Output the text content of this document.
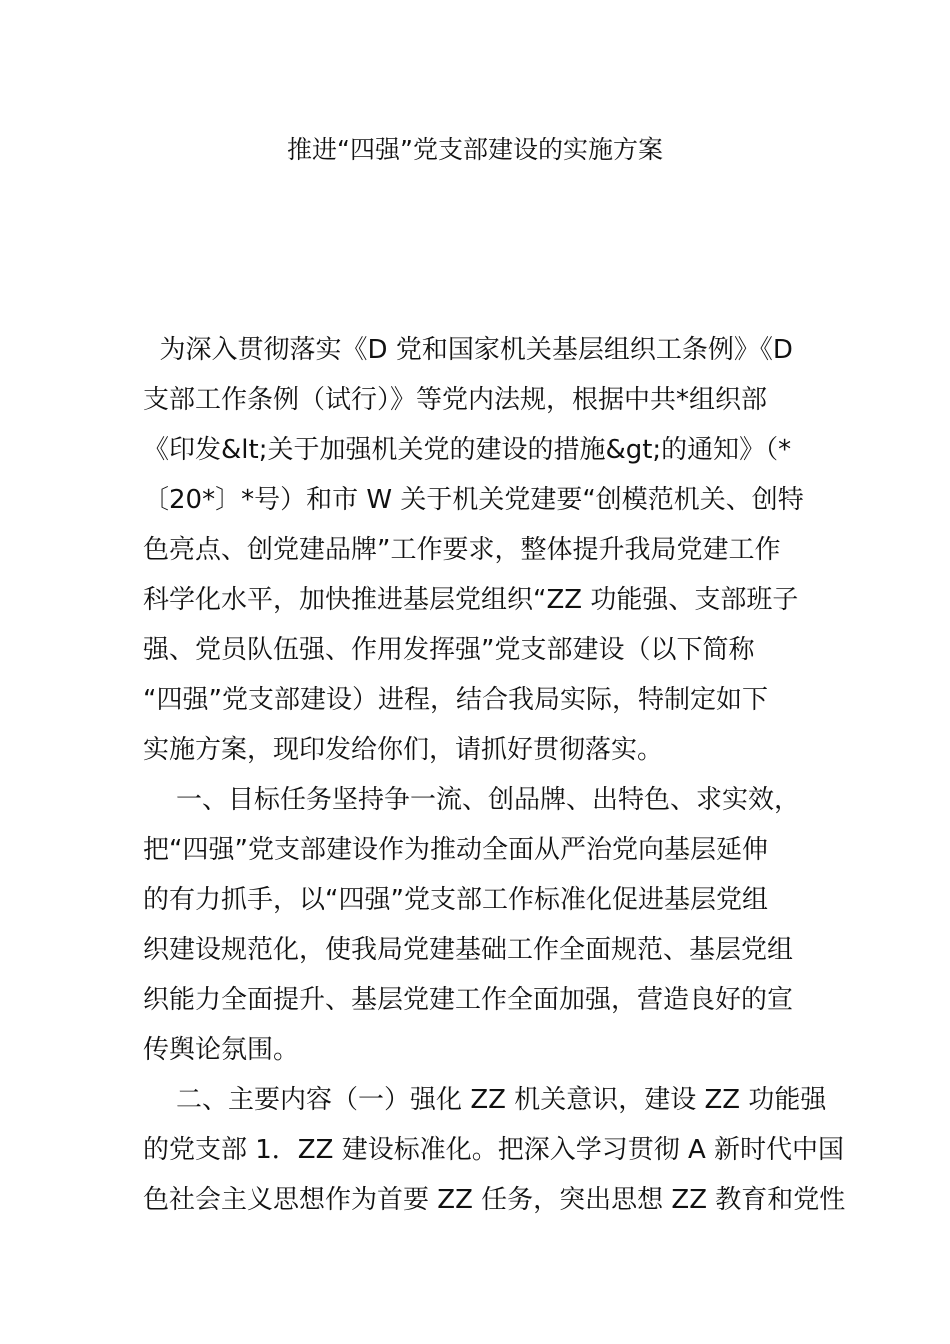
推进“四强”党支部建设的实施方案
为深入贯彻落实《D 党和国家机关基层组织工条例》《D
支部工作条例（试行）》等党内法规，根据中共*组织部
《印发&lt;关于加强机关党的建设的措施&gt;的通知》（*
〔20*〕*号）和市 W 关于机关党建要“创模范机关、创特
色亮点、创党建品牌”工作要求，整体提升我局党建工作
科学化水平，加快推进基层党组织“ZZ 功能强、支部班子
强、党员队伍强、作用发挥强”党支部建设（以下简称
“四强”党支部建设）进程，结合我局实际，特制定如下
实施方案，现印发给你们，请抓好贯彻落实。
一、目标任务坚持争一流、创品牌、出特色、求实效，
把“四强”党支部建设作为推动全面从严治党向基层延伸
的有力抓手，以“四强”党支部工作标准化促进基层党组
织建设规范化，使我局党建基础工作全面规范、基层党组
织能力全面提升、基层党建工作全面加强，营造良好的宣
传舆论氛围。
二、主要内容（一）强化 ZZ 机关意识，建设 ZZ 功能强
的党支部 1．ZZ 建设标准化。把深入学习贯彻 A 新时代中国
色社会主义思想作为首要 ZZ 任务，突出思想 ZZ 教育和党性
